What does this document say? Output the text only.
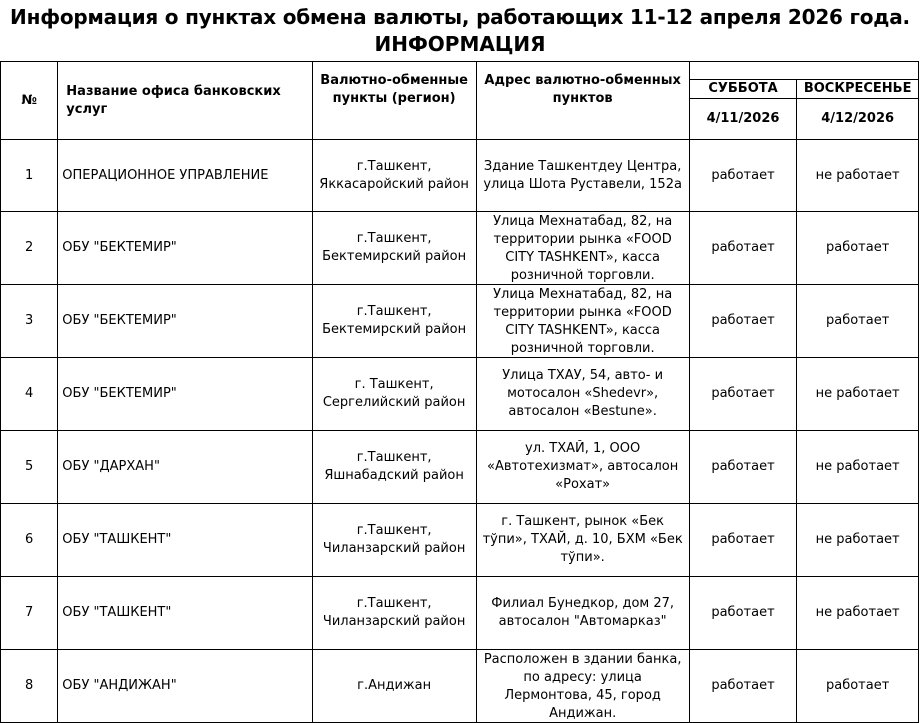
Информация о пунктах обмена валюты, работающих 11-12 апреля 2026 года.
ИНФОРМАЦИЯ
№	Название офиса банковских услуг	Валютно-обменные пункты (регион)	Адрес валютно-обменных пунктов		
				СУББОТА	ВОСКРЕСЕНЬЕ
				4/11/2026	4/12/2026

1	ОПЕРАЦИОННОЕ УПРАВЛЕНИЕ	г.Ташкент, Яккасаройский район	Здание Ташкентдеу Центра, улица Шота Руставели, 152а	работает	не работает

2	ОБУ "БЕКТЕМИР"	г.Ташкент, Бектемирский район	Улица Мехнатабад, 82, на территории рынка «FOOD CITY TASHKENT», касса розничной торговли.	работает	работает

3	ОБУ "БЕКТЕМИР"	г.Ташкент, Бектемирский район	Улица Мехнатабад, 82, на территории рынка «FOOD CITY TASHKENT», касса розничной торговли.	работает	работает

4	ОБУ "БЕКТЕМИР"	г. Ташкент, Сергелийский район	Улица ТХАУ, 54, авто- и мотосалон «Shedevr», автосалон «Bestune».	работает	не работает

5	ОБУ "ДАРХАН"	г.Ташкент, Яшнабадский район	ул. ТХАЙ, 1, ООО «Автотехизмат», автосалон «Рохат»	работает	не работает

6	ОБУ "ТАШКЕНТ"	г.Ташкент, Чиланзарский район	г. Ташкент, рынок «Бек тўпи», ТХАЙ, д. 10, БХМ «Бек тўпи».	работает	не работает

7	ОБУ "ТАШКЕНТ"	г.Ташкент, Чиланзарский район	Филиал Бунедкор, дом 27, автосалон "Автомарказ"	работает	не работает

8	ОБУ "АНДИЖАН"	г.Андижан	Расположен в здании банка, по адресу: улица Лермонтова, 45, город Андижан.	работает	работает
